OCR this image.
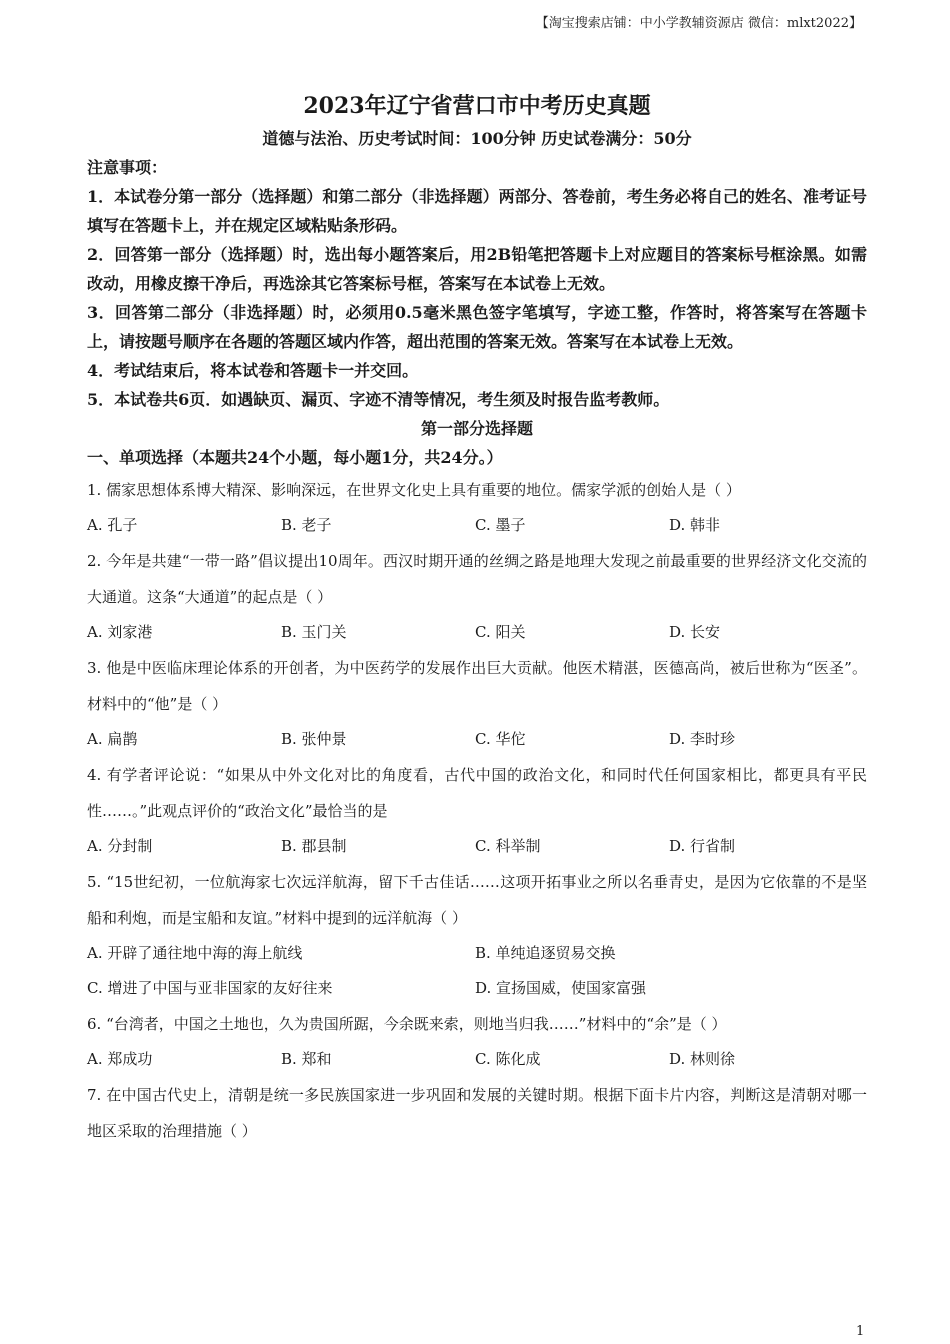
【淘宝搜索店铺：中小学教辅资源店 微信：mlxt2022】
2023年辽宁省营口市中考历史真题
道德与法治、历史考试时间：100分钟 历史试卷满分：50分
注意事项：
1．本试卷分第一部分（选择题）和第二部分（非选择题）两部分、答卷前，考生务必将自己的姓名、准考证号填写在答题卡上，并在规定区域粘贴条形码。
2．回答第一部分（选择题）时，选出每小题答案后，用2B铅笔把答题卡上对应题目的答案标号框涂黑。如需改动，用橡皮擦干净后，再选涂其它答案标号框，答案写在本试卷上无效。
3．回答第二部分（非选择题）时，必须用0.5毫米黑色签字笔填写，字迹工整，作答时，将答案写在答题卡上，请按题号顺序在各题的答题区域内作答，超出范围的答案无效。答案写在本试卷上无效。
4．考试结束后，将本试卷和答题卡一并交回。
5．本试卷共6页．如遇缺页、漏页、字迹不清等情况，考生须及时报告监考教师。
第一部分选择题
一、单项选择（本题共24个小题，每小题1分，共24分。）
1. 儒家思想体系博大精深、影响深远，在世界文化史上具有重要的地位。儒家学派的创始人是（ ）
A. 孔子	B. 老子	C. 墨子	D. 韩非
2. 今年是共建“一带一路”倡议提出10周年。西汉时期开通的丝绸之路是地理大发现之前最重要的世界经济文化交流的大通道。这条“大通道”的起点是（ ）
A. 刘家港	B. 玉门关	C. 阳关	D. 长安
3. 他是中医临床理论体系的开创者，为中医药学的发展作出巨大贡献。他医术精湛，医德高尚，被后世称为“医圣”。材料中的“他”是（ ）
A. 扁鹊	B. 张仲景	C. 华佗	D. 李时珍
4. 有学者评论说：“如果从中外文化对比的角度看，古代中国的政治文化，和同时代任何国家相比，都更具有平民性……。”此观点评价的“政治文化”最恰当的是
A. 分封制	B. 郡县制	C. 科举制	D. 行省制
5. “15世纪初，一位航海家七次远洋航海，留下千古佳话……这项开拓事业之所以名垂青史，是因为它依靠的不是坚船和利炮，而是宝船和友谊。”材料中提到的远洋航海（ ）
A. 开辟了通往地中海的海上航线	B. 单纯追逐贸易交换
C. 增进了中国与亚非国家的友好往来	D. 宣扬国威，使国家富强
6. “台湾者，中国之土地也，久为贵国所踞，今余既来索，则地当归我……”材料中的“余”是（ ）
A. 郑成功	B. 郑和	C. 陈化成	D. 林则徐
7. 在中国古代史上，清朝是统一多民族国家进一步巩固和发展的关键时期。根据下面卡片内容，判断这是清朝对哪一地区采取的治理措施（ ）
1
